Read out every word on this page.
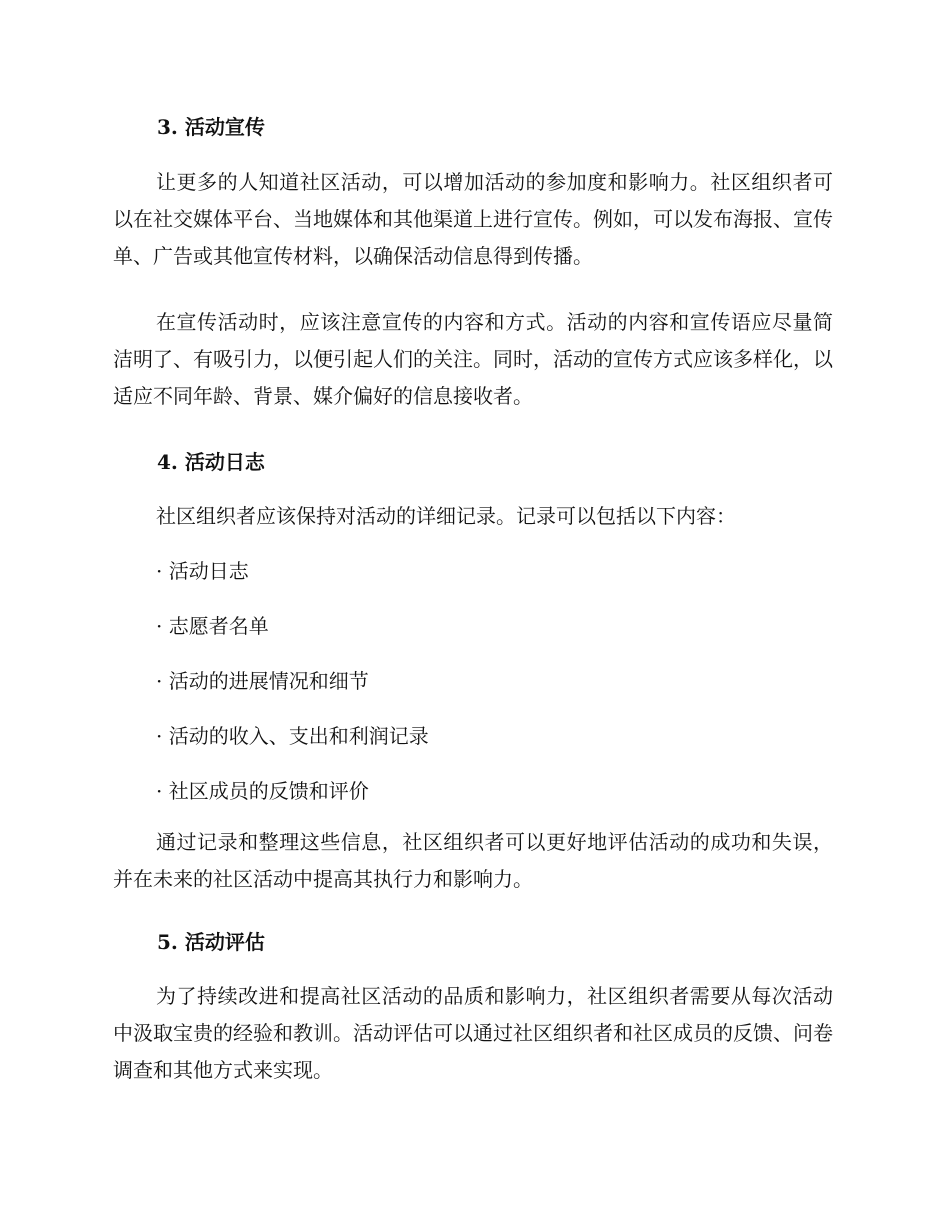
3. 活动宣传

让更多的人知道社区活动，可以增加活动的参加度和影响力。社区组织者可以在社交媒体平台、当地媒体和其他渠道上进行宣传。例如，可以发布海报、宣传单、广告或其他宣传材料，以确保活动信息得到传播。

在宣传活动时，应该注意宣传的内容和方式。活动的内容和宣传语应尽量简洁明了、有吸引力，以便引起人们的关注。同时，活动的宣传方式应该多样化，以适应不同年龄、背景、媒介偏好的信息接收者。

4. 活动日志

社区组织者应该保持对活动的详细记录。记录可以包括以下内容：

· 活动日志
· 志愿者名单
· 活动的进展情况和细节
· 活动的收入、支出和利润记录
· 社区成员的反馈和评价

通过记录和整理这些信息，社区组织者可以更好地评估活动的成功和失误，并在未来的社区活动中提高其执行力和影响力。

5. 活动评估

为了持续改进和提高社区活动的品质和影响力，社区组织者需要从每次活动中汲取宝贵的经验和教训。活动评估可以通过社区组织者和社区成员的反馈、问卷调查和其他方式来实现。
